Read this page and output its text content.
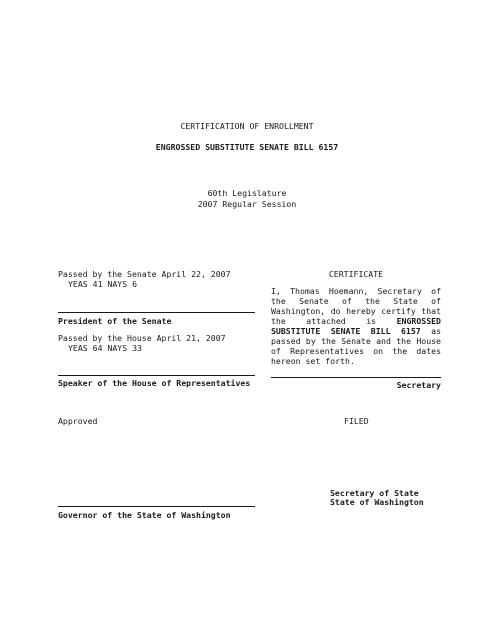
CERTIFICATION OF ENROLLMENT
ENGROSSED SUBSTITUTE SENATE BILL 6157
60th Legislature
2007 Regular Session
Passed by the Senate April 22, 2007
YEAS 41 NAYS 6
President of the Senate
Passed by the House April 21, 2007
YEAS 64 NAYS 33
Speaker of the House of Representatives
Approved
Governor of the State of Washington
CERTIFICATE
I, Thomas Hoemann, Secretary of the Senate of the State of Washington, do hereby certify that the attached is ENGROSSED SUBSTITUTE SENATE BILL 6157 as passed by the Senate and the House of Representatives on the dates hereon set forth.
Secretary
FILED
Secretary of State
State of Washington
